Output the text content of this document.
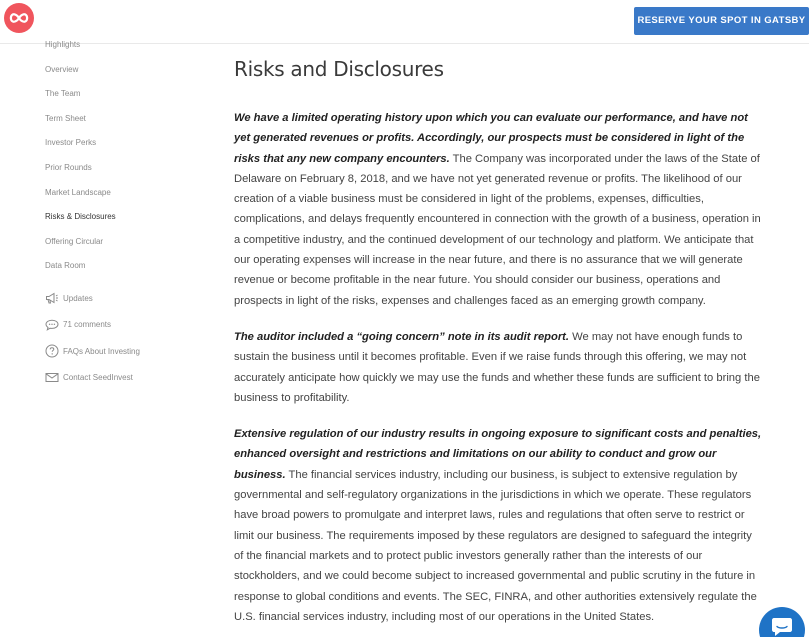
RESERVE YOUR SPOT IN GATSBY
Highlights
Overview
The Team
Term Sheet
Investor Perks
Prior Rounds
Market Landscape
Risks & Disclosures
Offering Circular
Data Room
Updates
71 comments
FAQs About Investing
Contact SeedInvest
Risks and Disclosures

We have a limited operating history upon which you can evaluate our performance, and have not yet generated revenues or profits. Accordingly, our prospects must be considered in light of the risks that any new company encounters. The Company was incorporated under the laws of the State of Delaware on February 8, 2018, and we have not yet generated revenue or profits. The likelihood of our creation of a viable business must be considered in light of the problems, expenses, difficulties, complications, and delays frequently encountered in connection with the growth of a business, operation in a competitive industry, and the continued development of our technology and platform. We anticipate that our operating expenses will increase in the near future, and there is no assurance that we will generate revenue or become profitable in the near future. You should consider our business, operations and prospects in light of the risks, expenses and challenges faced as an emerging growth company.

The auditor included a “going concern” note in its audit report. We may not have enough funds to sustain the business until it becomes profitable. Even if we raise funds through this offering, we may not accurately anticipate how quickly we may use the funds and whether these funds are sufficient to bring the business to profitability.

Extensive regulation of our industry results in ongoing exposure to significant costs and penalties, enhanced oversight and restrictions and limitations on our ability to conduct and grow our business. The financial services industry, including our business, is subject to extensive regulation by governmental and self-regulatory organizations in the jurisdictions in which we operate. These regulators have broad powers to promulgate and interpret laws, rules and regulations that often serve to restrict or limit our business. The requirements imposed by these regulators are designed to safeguard the integrity of the financial markets and to protect public investors generally rather than the interests of our stockholders, and we could become subject to increased governmental and public scrutiny in the future in response to global conditions and events. The SEC, FINRA, and other authorities extensively regulate the U.S. financial services industry, including most of our operations in the United States.
